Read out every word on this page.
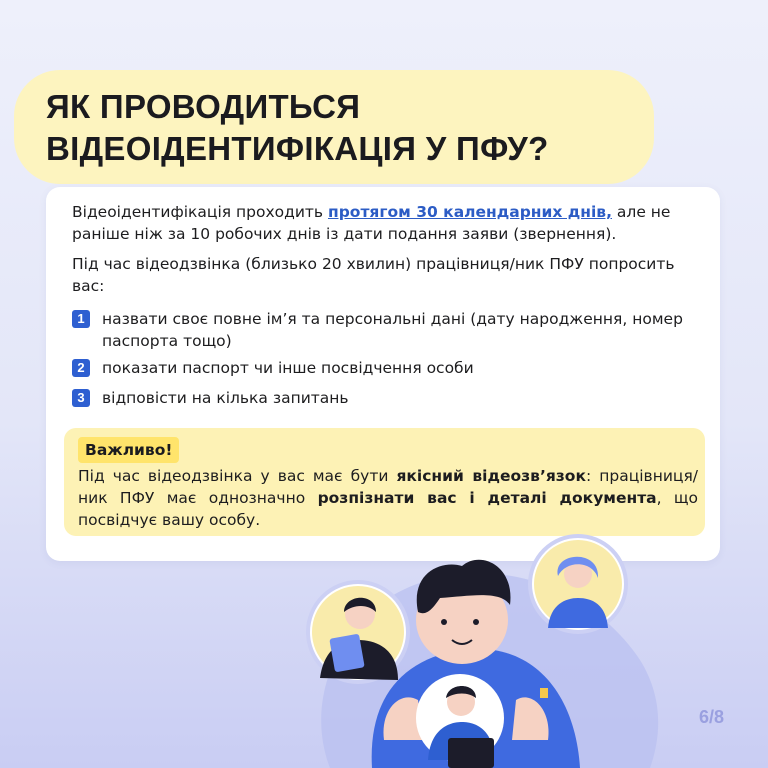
ЯК ПРОВОДИТЬСЯ
ВІДЕОІДЕНТИФІКАЦІЯ У ПФУ?
Відеоідентифікація проходить протягом 30 календарних днів, але не раніше ніж за 10 робочих днів із дати подання заяви (звернення).
Під час відеодзвінка (близько 20 хвилин) працівниця/ник ПФУ попросить вас:
1	назвати своє повне ім’я та персональні дані (дату народження, номер паспорта тощо)
2	показати паспорт чи інше посвідчення особи
3	відповісти на кілька запитань
Важливо!
Під час відеодзвінка у вас має бути якісний відеозв’язок: працівниця/ник ПФУ має однозначно розпізнати вас і деталі документа, що посвідчує вашу особу.
6/8
